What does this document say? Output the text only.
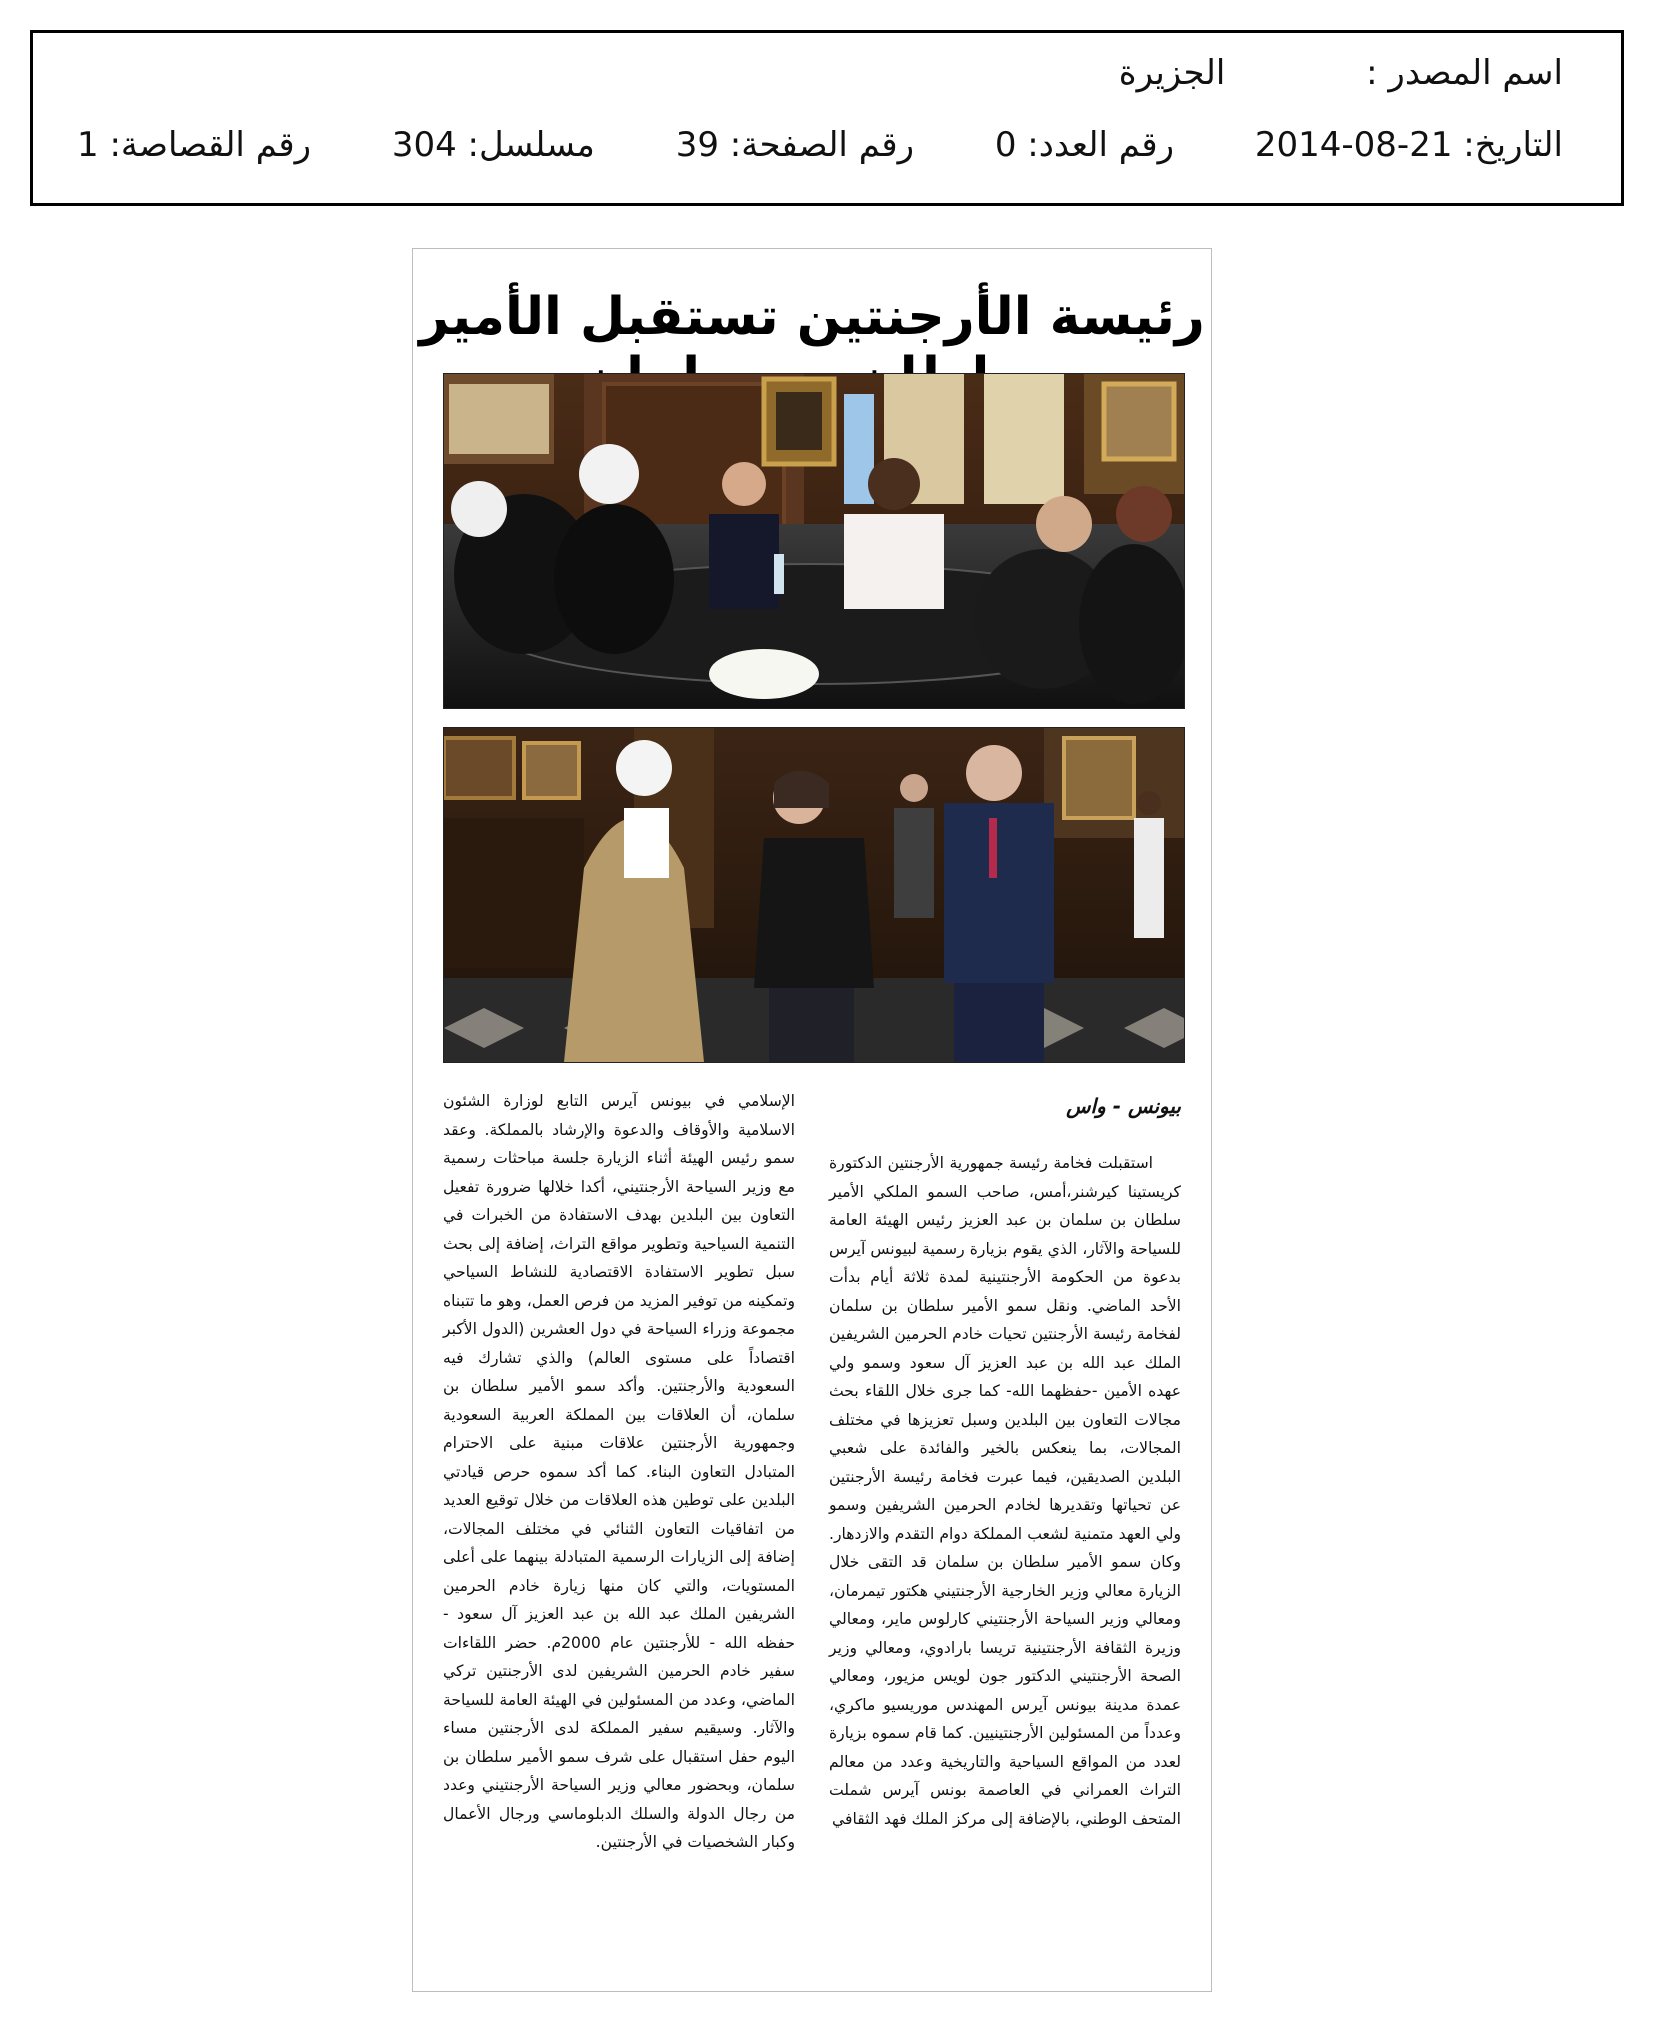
اسم المصدر : الجزيرة
التاريخ: 21-08-2014 رقم العدد: 0 رقم الصفحة: 39 مسلسل: 304 رقم القصاصة: 1
رئيسة الأرجنتين تستقبل الأمير
بيونس - واس
استقبلت فخامة رئيسة جمهورية الأرجنتين الدكتورة كريستينا كيرشنر،أمس، صاحب السمو الملكي الأمير سلطان بن سلمان بن عبد العزيز رئيس الهيئة العامة للسياحة والآثار، الذي يقوم بزيارة رسمية لبيونس آيرس بدعوة من الحكومة الأرجنتينية لمدة ثلاثة أيام بدأت الأحد الماضي. ونقل سمو الأمير سلطان بن سلمان لفخامة رئيسة الأرجنتين تحيات خادم الحرمين الشريفين الملك عبد الله بن عبد العزيز آل سعود وسمو ولي عهده الأمين -حفظهما الله- كما جرى خلال اللقاء بحث مجالات التعاون بين البلدين وسبل تعزيزها في مختلف المجالات، بما ينعكس بالخير والفائدة على شعبي البلدين الصديقين، فيما عبرت فخامة رئيسة الأرجنتين عن تحياتها وتقديرها لخادم الحرمين الشريفين وسمو ولي العهد متمنية لشعب المملكة دوام التقدم والازدهار. وكان سمو الأمير سلطان بن سلمان قد التقى خلال الزيارة معالي وزير الخارجية الأرجنتيني هكتور تيمرمان، ومعالي وزير السياحة الأرجنتيني كارلوس ماير، ومعالي وزيرة الثقافة الأرجنتينية تريسا بارادوي، ومعالي وزير الصحة الأرجنتيني الدكتور جون لويس مزيور، ومعالي عمدة مدينة بيونس آيرس المهندس موريسيو ماكري، وعدداً من المسئولين الأرجنتينيين. كما قام سموه بزيارة لعدد من المواقع السياحية والتاريخية وعدد من معالم التراث العمراني في العاصمة بونس آيرس شملت المتحف الوطني، بالإضافة إلى مركز الملك فهد الثقافي
الإسلامي في بيونس آيرس التابع لوزارة الشئون الاسلامية والأوقاف والدعوة والإرشاد بالمملكة. وعقد سمو رئيس الهيئة أثناء الزيارة جلسة مباحثات رسمية مع وزير السياحة الأرجنتيني، أكدا خلالها ضرورة تفعيل التعاون بين البلدين بهدف الاستفادة من الخبرات في التنمية السياحية وتطوير مواقع التراث، إضافة إلى بحث سبل تطوير الاستفادة الاقتصادية للنشاط السياحي وتمكينه من توفير المزيد من فرص العمل، وهو ما تتبناه مجموعة وزراء السياحة في دول العشرين (الدول الأكبر اقتصاداً على مستوى العالم) والذي تشارك فيه السعودية والأرجنتين. وأكد سمو الأمير سلطان بن سلمان، أن العلاقات بين المملكة العربية السعودية وجمهورية الأرجنتين علاقات مبنية على الاحترام المتبادل التعاون البناء. كما أكد سموه حرص قيادتي البلدين على توطين هذه العلاقات من خلال توقيع العديد من اتفاقيات التعاون الثنائي في مختلف المجالات، إضافة إلى الزيارات الرسمية المتبادلة بينهما على أعلى المستويات، والتي كان منها زيارة خادم الحرمين الشريفين الملك عبد الله بن عبد العزيز آل سعود - حفظه الله - للأرجنتين عام 2000م. حضر اللقاءات سفير خادم الحرمين الشريفين لدى الأرجنتين تركي الماضي، وعدد من المسئولين في الهيئة العامة للسياحة والآثار. وسيقيم سفير المملكة لدى الأرجنتين مساء اليوم حفل استقبال على شرف سمو الأمير سلطان بن سلمان، وبحضور معالي وزير السياحة الأرجنتيني وعدد من رجال الدولة والسلك الدبلوماسي ورجال الأعمال وكبار الشخصيات في الأرجنتين.
